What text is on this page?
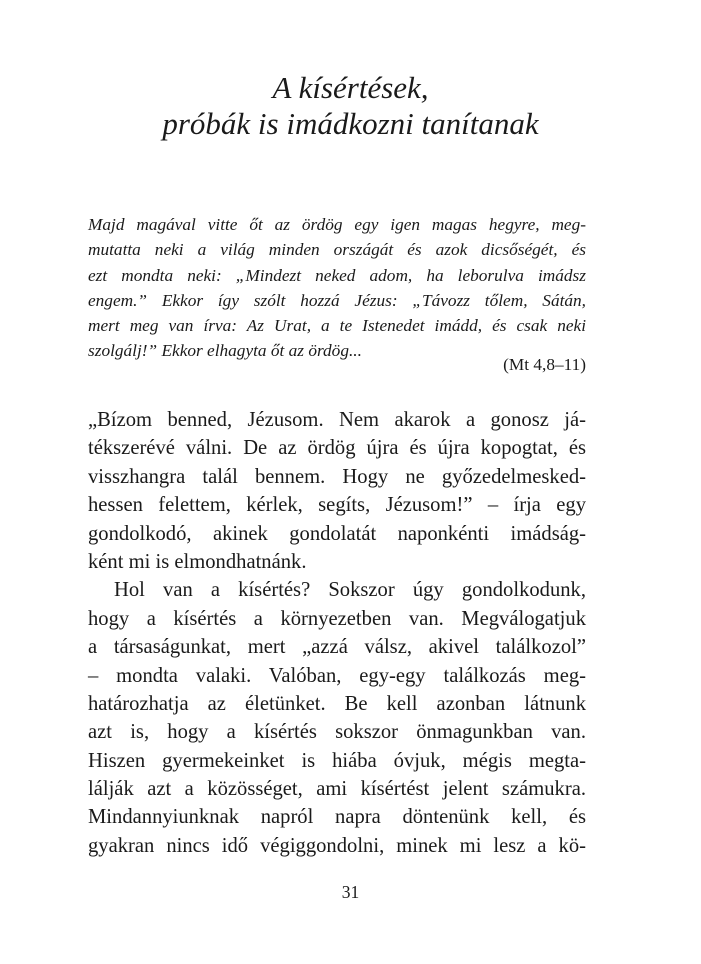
A kísértések,
próbák is imádkozni tanítanak
Majd magával vitte őt az ördög egy igen magas hegyre, meg-
mutatta neki a világ minden országát és azok dicsőségét, és
ezt mondta neki: „Mindezt neked adom, ha leborulva imádsz
engem.” Ekkor így szólt hozzá Jézus: „Távozz tőlem, Sátán,
mert meg van írva: Az Urat, a te Istenedet imádd, és csak neki
szolgálj!” Ekkor elhagyta őt az ördög...
(Mt 4,8–11)
„Bízom benned, Jézusom. Nem akarok a gonosz já-
tékszerévé válni. De az ördög újra és újra kopogtat, és
visszhangra talál bennem. Hogy ne győzedelmesked-
hessen felettem, kérlek, segíts, Jézusom!” – írja egy
gondolkodó, akinek gondolatát naponkénti imádság-
ként mi is elmondhatnánk.
Hol van a kísértés? Sokszor úgy gondolkodunk,
hogy a kísértés a környezetben van. Megválogatjuk
a társaságunkat, mert „azzá válsz, akivel találkozol”
– mondta valaki. Valóban, egy-egy találkozás meg-
határozhatja az életünket. Be kell azonban látnunk
azt is, hogy a kísértés sokszor önmagunkban van.
Hiszen gyermekeinket is hiába óvjuk, mégis megta-
lálják azt a közösséget, ami kísértést jelent számukra.
Mindannyiunknak napról napra döntenünk kell, és
gyakran nincs idő végiggondolni, minek mi lesz a kö-
31
